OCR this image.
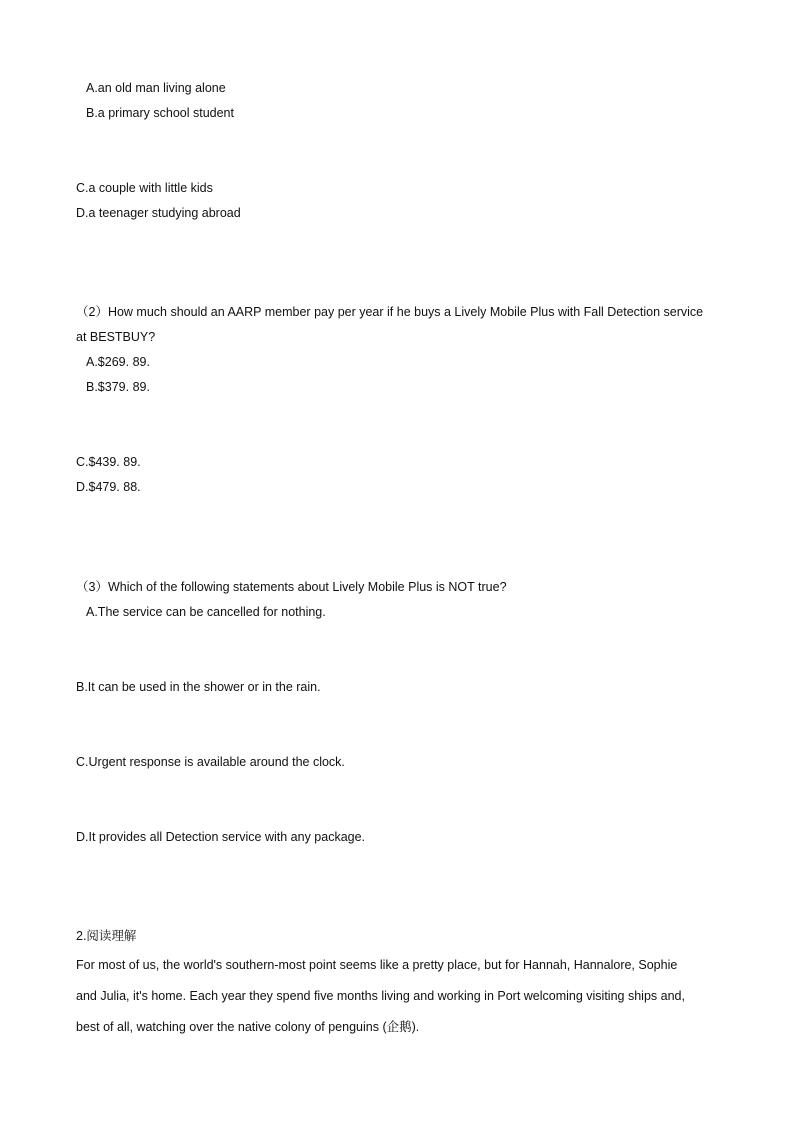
A.an old man living alone
B.a primary school student
C.a couple with little kids
D.a teenager studying abroad
（2）How much should an AARP member pay per year if he buys a Lively Mobile Plus with Fall Detection service
at BESTBUY?
A.$269. 89.
B.$379. 89.
C.$439. 89.
D.$479. 88.
（3）Which of the following statements about Lively Mobile Plus is NOT true?
A.The service can be cancelled for nothing.
B.It can be used in the shower or in the rain.
C.Urgent response is available around the clock.
D.It provides all Detection service with any package.
2.阅读理解
For most of us, the world's southern-most point seems like a pretty place, but for Hannah, Hannalore, Sophie
and Julia, it's home. Each year they spend five months living and working in Port welcoming visiting ships and,
best of all, watching over the native colony of penguins (企鹅).
